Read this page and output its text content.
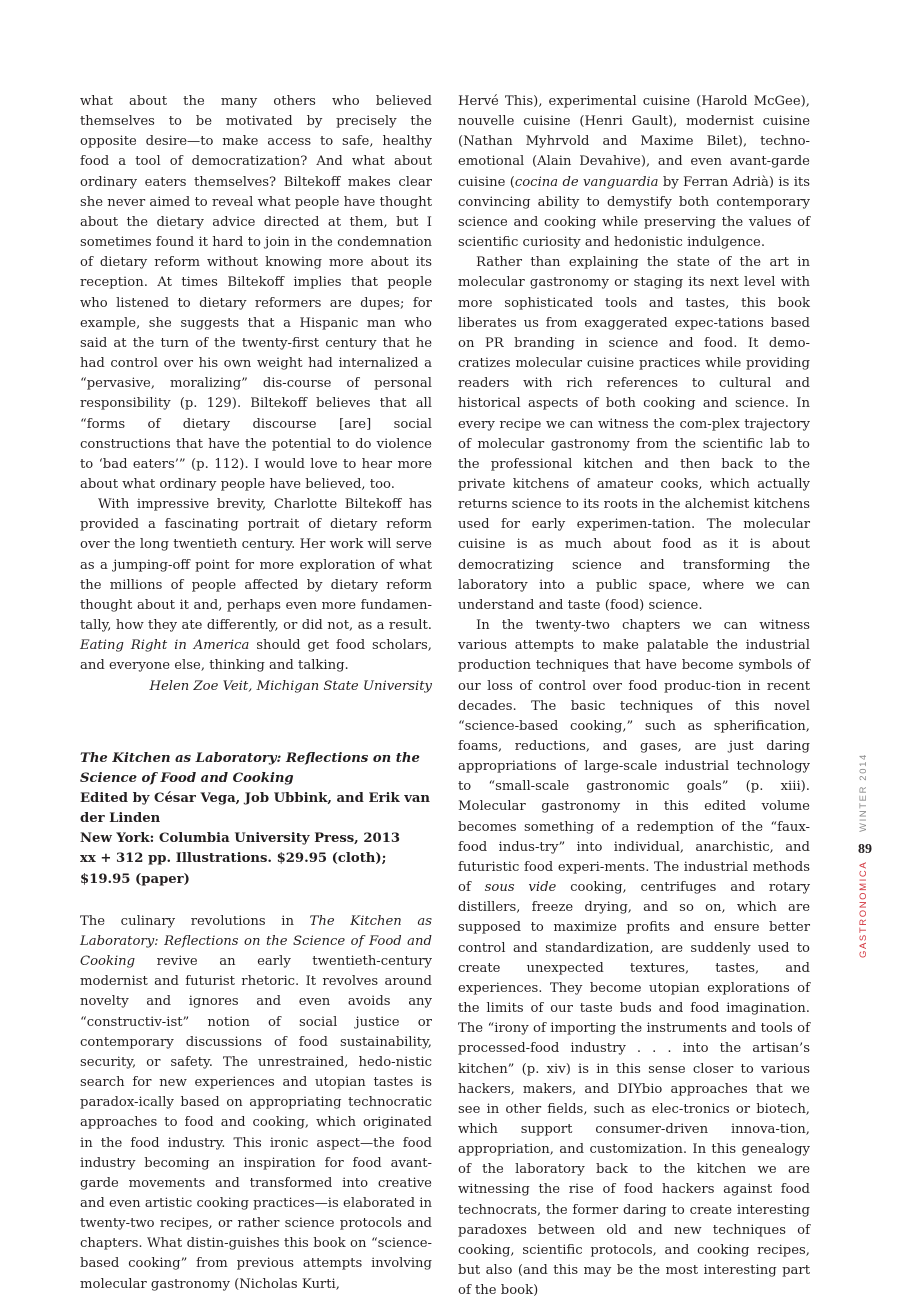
what about the many others who believed themselves to be motivated by precisely the opposite desire—to make access to safe, healthy food a tool of democratization? And what about ordinary eaters themselves? Biltekoff makes clear she never aimed to reveal what people have thought about the dietary advice directed at them, but I sometimes found it hard to join in the condemnation of dietary reform without knowing more about its reception. At times Biltekoff implies that people who listened to dietary reformers are dupes; for example, she suggests that a Hispanic man who said at the turn of the twenty-first century that he had control over his own weight had internalized a “pervasive, moralizing” dis-course of personal responsibility (p. 129). Biltekoff believes that all “forms of dietary discourse [are] social constructions that have the potential to do violence to ‘bad eaters’” (p. 112). I would love to hear more about what ordinary people have believed, too.

With impressive brevity, Charlotte Biltekoff has provided a fascinating portrait of dietary reform over the long twentieth century. Her work will serve as a jumping-off point for more exploration of what the millions of people affected by dietary reform thought about it and, perhaps even more fundamen-tally, how they ate differently, or did not, as a result. Eating Right in America should get food scholars, and everyone else, thinking and talking.

Helen Zoe Veit, Michigan State University

The Kitchen as Laboratory: Reflections on the Science of Food and Cooking

Edited by César Vega, Job Ubbink, and Erik van der Linden

New York: Columbia University Press, 2013

xx + 312 pp. Illustrations. $29.95 (cloth); $19.95 (paper)

The culinary revolutions in The Kitchen as Laboratory: Reflections on the Science of Food and Cooking revive an early twentieth-century modernist and futurist rhetoric. It revolves around novelty and ignores and even avoids any “constructiv-ist” notion of social justice or contemporary discussions of food sustainability, security, or safety. The unrestrained, hedo-nistic search for new experiences and utopian tastes is paradox-ically based on appropriating technocratic approaches to food and cooking, which originated in the food industry. This ironic aspect—the food industry becoming an inspiration for food avant-garde movements and transformed into creative and even artistic cooking practices—is elaborated in twenty-two recipes, or rather science protocols and chapters. What distin-guishes this book on “science-based cooking” from previous attempts involving molecular gastronomy (Nicholas Kurti,

Hervé This), experimental cuisine (Harold McGee), nouvelle cuisine (Henri Gault), modernist cuisine (Nathan Myhrvold and Maxime Bilet), techno-emotional (Alain Devahive), and even avant-garde cuisine (cocina de vanguardia by Ferran Adrià) is its convincing ability to demystify both contemporary science and cooking while preserving the values of scientific curiosity and hedonistic indulgence.

Rather than explaining the state of the art in molecular gastronomy or staging its next level with more sophisticated tools and tastes, this book liberates us from exaggerated expec-tations based on PR branding in science and food. It demo-cratizes molecular cuisine practices while providing readers with rich references to cultural and historical aspects of both cooking and science. In every recipe we can witness the com-plex trajectory of molecular gastronomy from the scientific lab to the professional kitchen and then back to the private kitchens of amateur cooks, which actually returns science to its roots in the alchemist kitchens used for early experimen-tation. The molecular cuisine is as much about food as it is about democratizing science and transforming the laboratory into a public space, where we can understand and taste (food) science.

In the twenty-two chapters we can witness various attempts to make palatable the industrial production techniques that have become symbols of our loss of control over food produc-tion in recent decades. The basic techniques of this novel “science-based cooking,” such as spherification, foams, reductions, and gases, are just daring appropriations of large-scale industrial technology to “small-scale gastronomic goals” (p. xiii). Molecular gastronomy in this edited volume becomes something of a redemption of the “faux-food indus-try” into individual, anarchistic, and futuristic food experi-ments. The industrial methods of sous vide cooking, centrifuges and rotary distillers, freeze drying, and so on, which are supposed to maximize profits and ensure better control and standardization, are suddenly used to create unexpected textures, tastes, and experiences. They become utopian explorations of the limits of our taste buds and food imagination. The “irony of importing the instruments and tools of processed-food industry . . . into the artisan’s kitchen” (p. xiv) is in this sense closer to various hackers, makers, and DIYbio approaches that we see in other fields, such as elec-tronics or biotech, which support consumer-driven innova-tion, appropriation, and customization. In this genealogy of the laboratory back to the kitchen we are witnessing the rise of food hackers against food technocrats, the former daring to create interesting paradoxes between old and new techniques of cooking, scientific protocols, and cooking recipes, but also (and this may be the most interesting part of the book)

WINTER 2014
GASTRONOMICA
89
